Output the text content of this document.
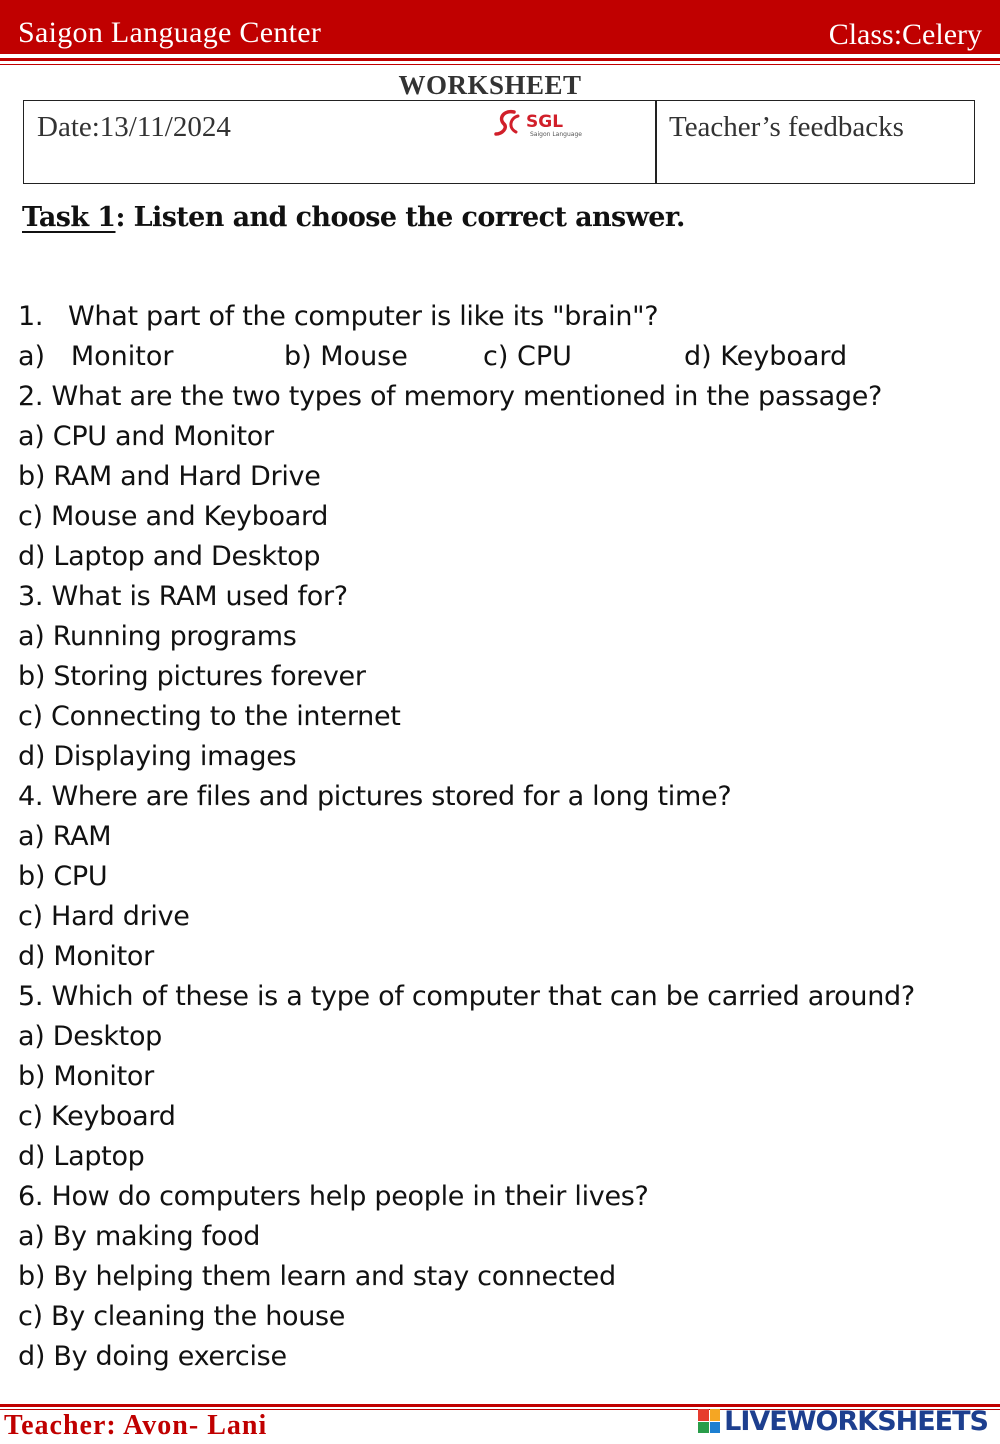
Saigon Language Center	Class:Celery
WORKSHEET
Date:13/11/2024	SGL
Saigon Language	Teacher’s feedbacks
Task 1: Listen and choose the correct answer.
1.   What part of the computer is like its "brain"?
a)   Monitor	b) Mouse	c) CPU	d) Keyboard
2. What are the two types of memory mentioned in the passage?
a) CPU and Monitor
b) RAM and Hard Drive
c) Mouse and Keyboard
d) Laptop and Desktop
3. What is RAM used for?
a) Running programs
b) Storing pictures forever
c) Connecting to the internet
d) Displaying images
4. Where are files and pictures stored for a long time?
a) RAM
b) CPU
c) Hard drive
d) Monitor
5. Which of these is a type of computer that can be carried around?
a) Desktop
b) Monitor
c) Keyboard
d) Laptop
6. How do computers help people in their lives?
a) By making food
b) By helping them learn and stay connected
c) By cleaning the house
d) By doing exercise
Teacher: Avon- Lani	LIVEWORKSHEETS
